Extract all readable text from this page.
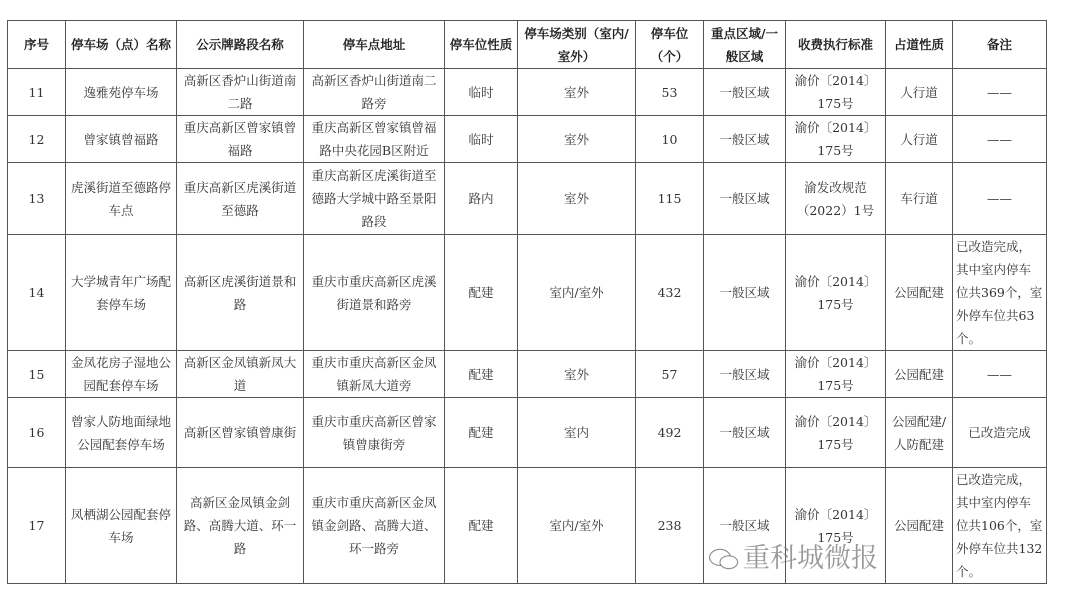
序号	停车场（点）名称	公示牌路段名称	停车点地址	停车位性质	停车场类别（室内/室外）	停车位（个）	重点区域/一般区域	收费执行标准	占道性质	备注
11	逸雅苑停车场	高新区香炉山街道南二路	高新区香炉山街道南二路旁	临时	室外	53	一般区域	渝价〔2014〕175号	人行道	——
12	曾家镇曾福路	重庆高新区曾家镇曾福路	重庆高新区曾家镇曾福路中央花园B区附近	临时	室外	10	一般区域	渝价〔2014〕175号	人行道	——
13	虎溪街道至德路停车点	重庆高新区虎溪街道至德路	重庆高新区虎溪街道至德路大学城中路至景阳路段	路内	室外	115	一般区域	渝发改规范（2022）1号	车行道	——
14	大学城青年广场配套停车场	高新区虎溪街道景和路	重庆市重庆高新区虎溪街道景和路旁	配建	室内/室外	432	一般区域	渝价〔2014〕175号	公园配建	已改造完成，其中室内停车位共369个，室外停车位共63个。
15	金凤花房子湿地公园配套停车场	高新区金凤镇新凤大道	重庆市重庆高新区金凤镇新凤大道旁	配建	室外	57	一般区域	渝价〔2014〕175号	公园配建	——
16	曾家人防地面绿地公园配套停车场	高新区曾家镇曾康街	重庆市重庆高新区曾家镇曾康街旁	配建	室内	492	一般区域	渝价〔2014〕175号	公园配建/人防配建	已改造完成
17	凤栖湖公园配套停车场	高新区金凤镇金剑路、高腾大道、环一路	重庆市重庆高新区金凤镇金剑路、高腾大道、环一路旁	配建	室内/室外	238	一般区域	渝价〔2014〕175号	公园配建	已改造完成，其中室内停车位共106个，室外停车位共132个。
重科城微报
